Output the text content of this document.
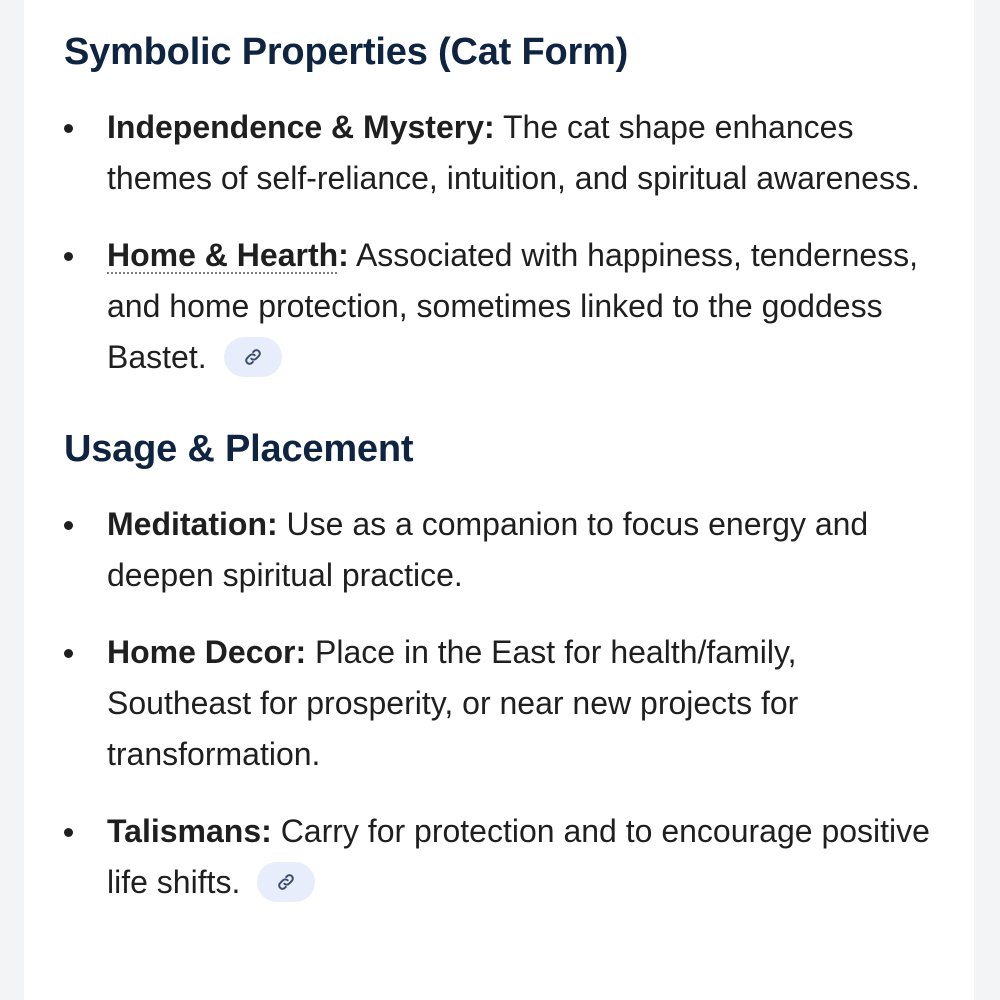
Symbolic Properties (Cat Form)
Independence & Mystery: The cat shape enhances themes of self-reliance, intuition, and spiritual awareness.
Home & Hearth: Associated with happiness, tenderness, and home protection, sometimes linked to the goddess Bastet.
Usage & Placement
Meditation: Use as a companion to focus energy and deepen spiritual practice.
Home Decor: Place in the East for health/family, Southeast for prosperity, or near new projects for transformation.
Talismans: Carry for protection and to encourage positive life shifts.
